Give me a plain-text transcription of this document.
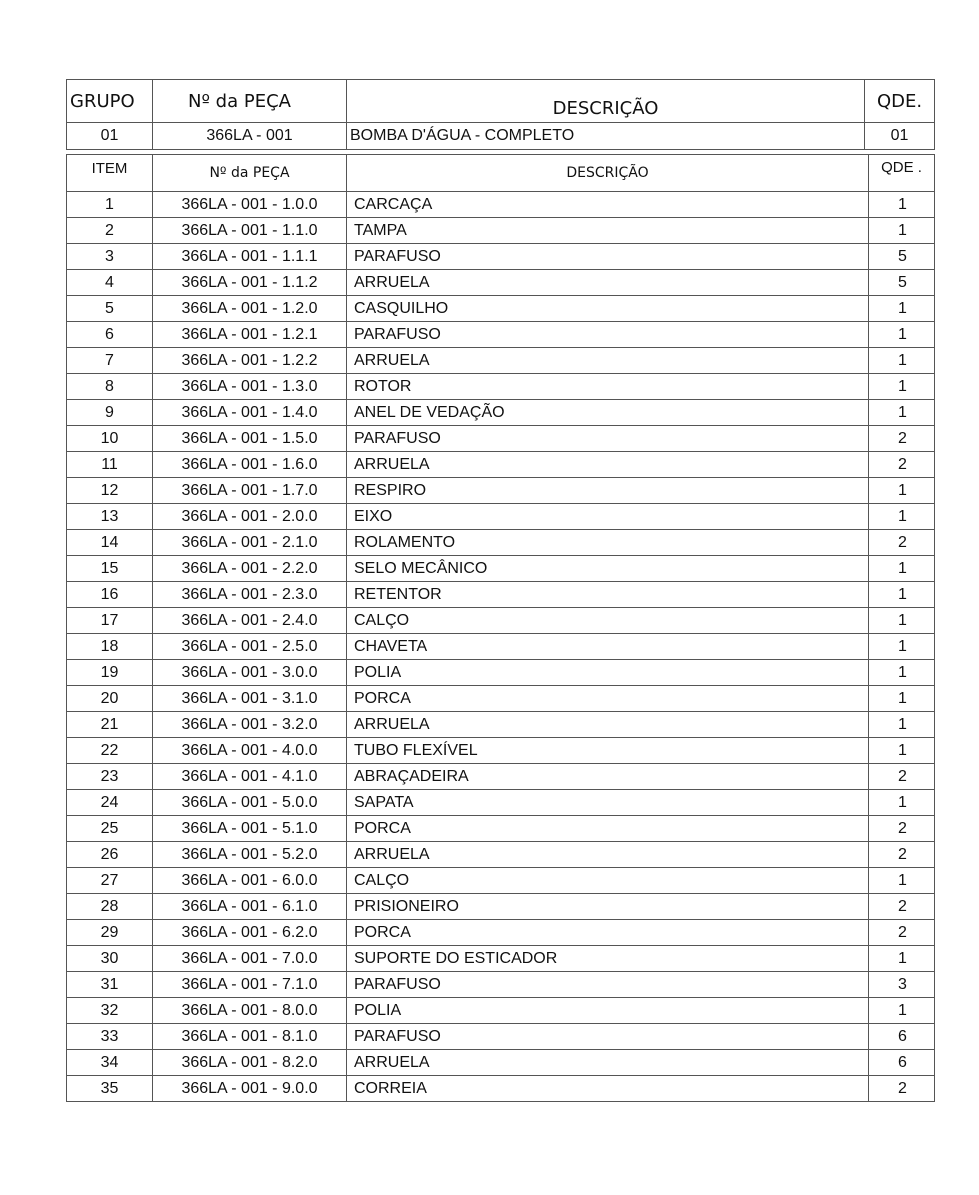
GRUPO	Nº da PEÇA	DESCRIÇÃO	QDE.
01	366LA - 001	BOMBA D'ÁGUA - COMPLETO	01
ITEM	Nº da PEÇA	DESCRIÇÃO	QDE .
1	366LA - 001 - 1.0.0	CARCAÇA	1
2	366LA - 001 - 1.1.0	TAMPA	1
3	366LA - 001 - 1.1.1	PARAFUSO	5
4	366LA - 001 - 1.1.2	ARRUELA	5
5	366LA - 001 - 1.2.0	CASQUILHO	1
6	366LA - 001 - 1.2.1	PARAFUSO	1
7	366LA - 001 - 1.2.2	ARRUELA	1
8	366LA - 001 - 1.3.0	ROTOR	1
9	366LA - 001 - 1.4.0	ANEL DE VEDAÇÃO	1
10	366LA - 001 - 1.5.0	PARAFUSO	2
11	366LA - 001 - 1.6.0	ARRUELA	2
12	366LA - 001 - 1.7.0	RESPIRO	1
13	366LA - 001 - 2.0.0	EIXO	1
14	366LA - 001 - 2.1.0	ROLAMENTO	2
15	366LA - 001 - 2.2.0	SELO MECÂNICO	1
16	366LA - 001 - 2.3.0	RETENTOR	1
17	366LA - 001 - 2.4.0	CALÇO	1
18	366LA - 001 - 2.5.0	CHAVETA	1
19	366LA - 001 - 3.0.0	POLIA	1
20	366LA - 001 - 3.1.0	PORCA	1
21	366LA - 001 - 3.2.0	ARRUELA	1
22	366LA - 001 - 4.0.0	TUBO FLEXÍVEL	1
23	366LA - 001 - 4.1.0	ABRAÇADEIRA	2
24	366LA - 001 - 5.0.0	SAPATA	1
25	366LA - 001 - 5.1.0	PORCA	2
26	366LA - 001 - 5.2.0	ARRUELA	2
27	366LA - 001 - 6.0.0	CALÇO	1
28	366LA - 001 - 6.1.0	PRISIONEIRO	2
29	366LA - 001 - 6.2.0	PORCA	2
30	366LA - 001 - 7.0.0	SUPORTE DO ESTICADOR	1
31	366LA - 001 - 7.1.0	PARAFUSO	3
32	366LA - 001 - 8.0.0	POLIA	1
33	366LA - 001 - 8.1.0	PARAFUSO	6
34	366LA - 001 - 8.2.0	ARRUELA	6
35	366LA - 001 - 9.0.0	CORREIA	2
